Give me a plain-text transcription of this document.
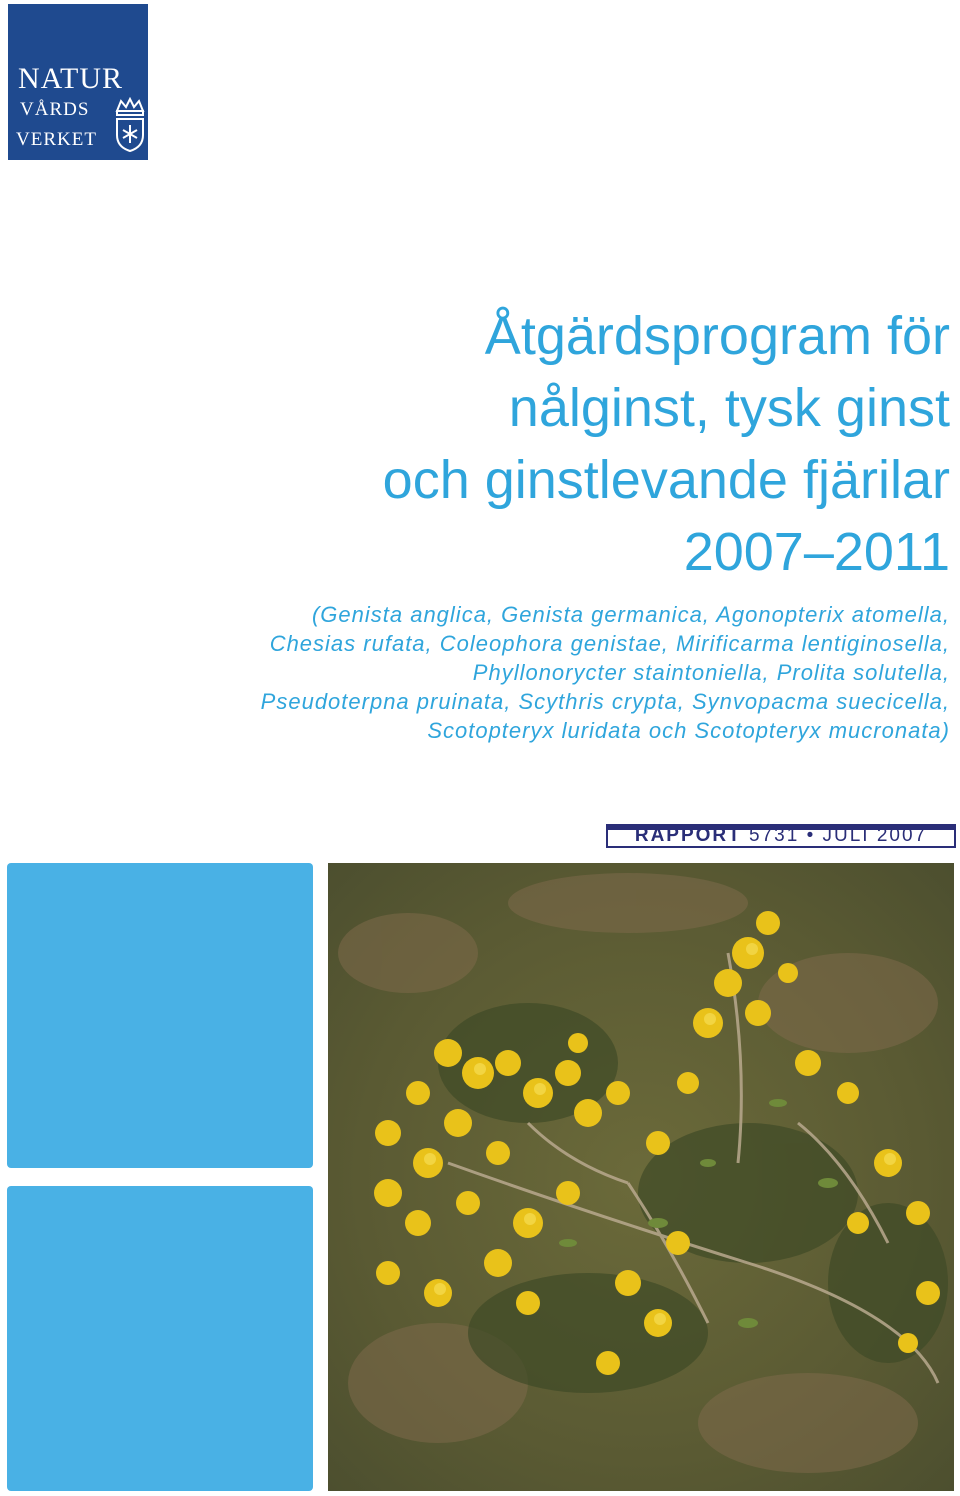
NATUR
VÅRDS
VERKET
Åtgärdsprogram för
nålginst, tysk ginst
och ginstlevande fjärilar
2007–2011
(Genista anglica, Genista germanica, Agonopterix atomella,
Chesias rufata, Coleophora genistae, Mirificarma lentiginosella,
Phyllonorycter staintoniella, Prolita solutella,
Pseudoterpna pruinata, Scythris crypta, Synvopacma suecicella,
Scotopteryx luridata och Scotopteryx mucronata)
RAPPORT 5731 • JULI 2007
